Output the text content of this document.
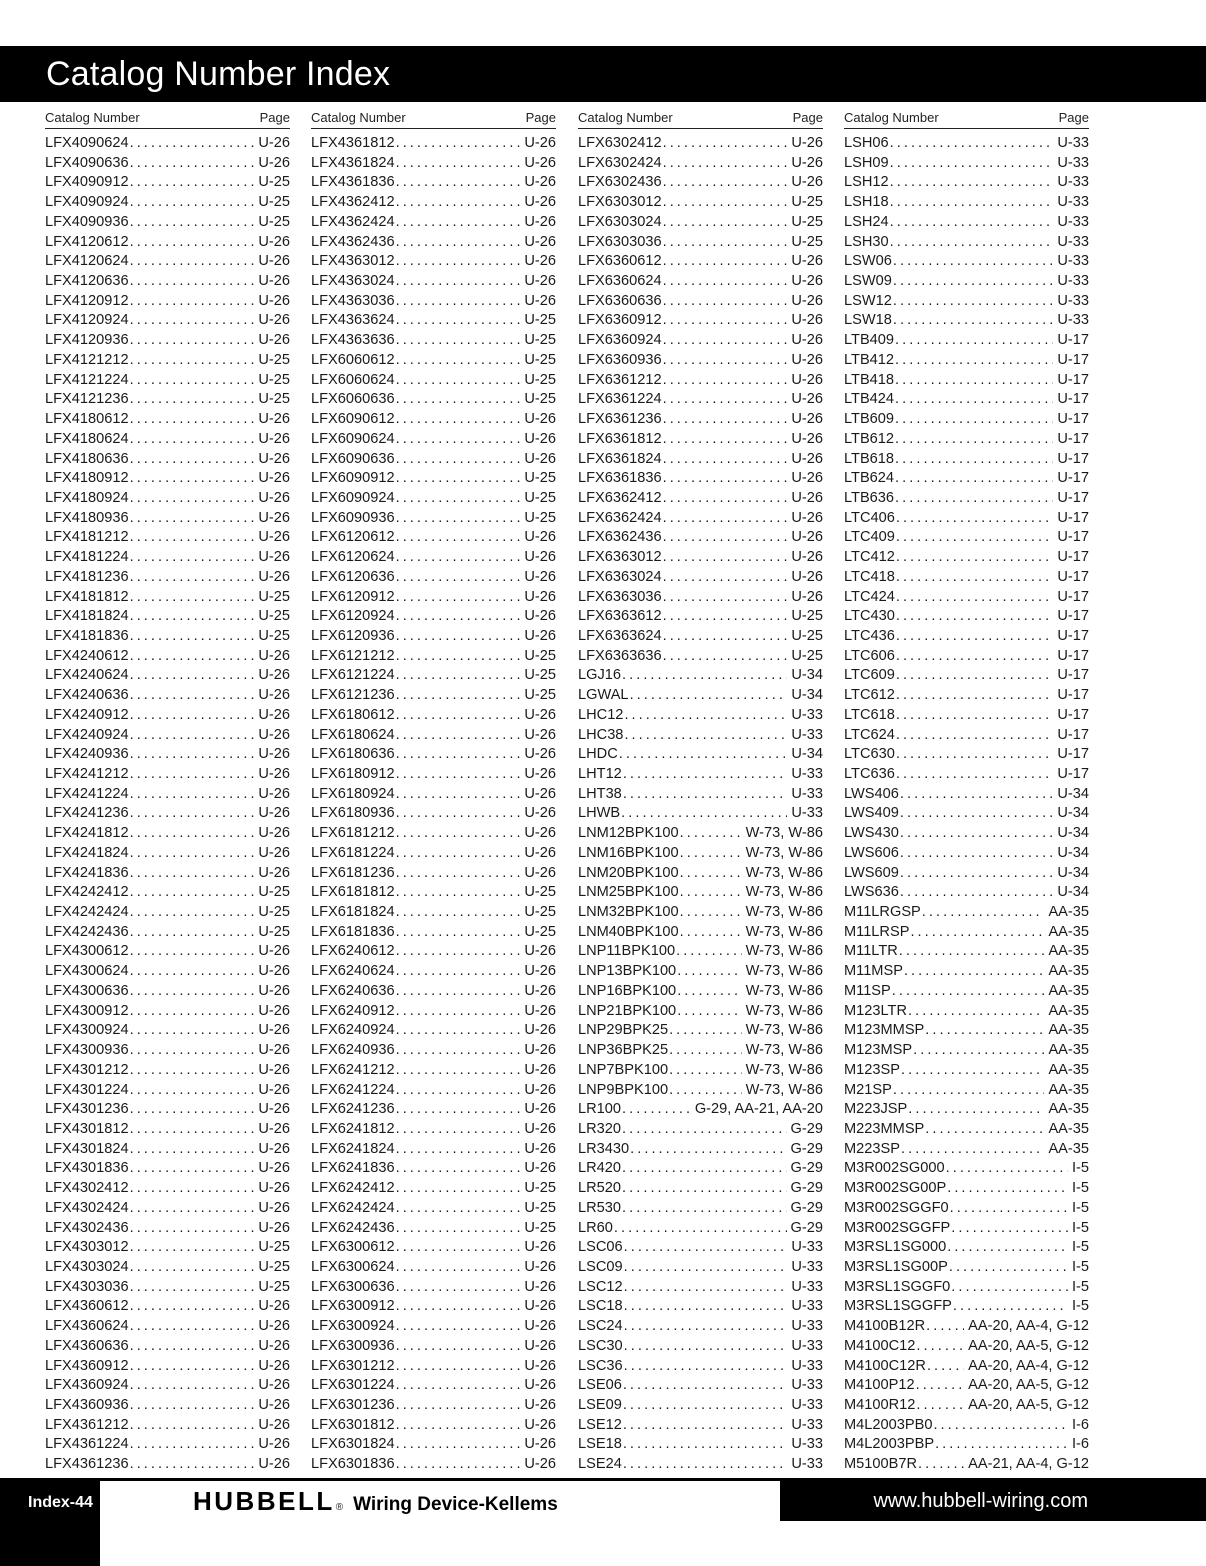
Catalog Number Index
Catalog Number	Page
LFX4090624 . . .	U-26
LFX4090636 . . .	U-26
LFX4090912 . . .	U-25
LFX4090924 . . .	U-25
LFX4090936 . . .	U-25
LFX4120612 . . .	U-26
LFX4120624 . . .	U-26
LFX4120636 . . .	U-26
LFX4120912 . . .	U-26
LFX4120924 . . .	U-26
LFX4120936 . . .	U-26
LFX4121212 . . .	U-25
LFX4121224 . . .	U-25
LFX4121236 . . .	U-25
LFX4180612 . . .	U-26
LFX4180624 . . .	U-26
LFX4180636 . . .	U-26
LFX4180912 . . .	U-26
LFX4180924 . . .	U-26
LFX4180936 . . .	U-26
LFX4181212 . . .	U-26
LFX4181224 . . .	U-26
LFX4181236 . . .	U-26
LFX4181812 . . .	U-25
LFX4181824 . . .	U-25
LFX4181836 . . .	U-25
LFX4240612 . . .	U-26
LFX4240624 . . .	U-26
LFX4240636 . . .	U-26
LFX4240912 . . .	U-26
LFX4240924 . . .	U-26
LFX4240936 . . .	U-26
LFX4241212 . . .	U-26
LFX4241224 . . .	U-26
LFX4241236 . . .	U-26
LFX4241812 . . .	U-26
LFX4241824 . . .	U-26
LFX4241836 . . .	U-26
LFX4242412 . . .	U-25
LFX4242424 . . .	U-25
LFX4242436 . . .	U-25
LFX4300612 . . .	U-26
LFX4300624 . . .	U-26
LFX4300636 . . .	U-26
LFX4300912 . . .	U-26
LFX4300924 . . .	U-26
LFX4300936 . . .	U-26
LFX4301212 . . .	U-26
LFX4301224 . . .	U-26
LFX4301236 . . .	U-26
LFX4301812 . . .	U-26
LFX4301824 . . .	U-26
LFX4301836 . . .	U-26
LFX4302412 . . .	U-26
LFX4302424 . . .	U-26
LFX4302436 . . .	U-26
LFX4303012 . . .	U-25
LFX4303024 . . .	U-25
LFX4303036 . . .	U-25
LFX4360612 . . .	U-26
LFX4360624 . . .	U-26
LFX4360636 . . .	U-26
LFX4360912 . . .	U-26
LFX4360924 . . .	U-26
LFX4360936 . . .	U-26
LFX4361212 . . .	U-26
LFX4361224 . . .	U-26
LFX4361236 . . .	U-26
Catalog Number	Page
LFX4361812 . . .	U-26
LFX4361824 . . .	U-26
LFX4361836 . . .	U-26
LFX4362412 . . .	U-26
LFX4362424 . . .	U-26
LFX4362436 . . .	U-26
LFX4363012 . . .	U-26
LFX4363024 . . .	U-26
LFX4363036 . . .	U-26
LFX4363624 . . .	U-25
LFX4363636 . . .	U-25
LFX6060612 . . .	U-25
LFX6060624 . . .	U-25
LFX6060636 . . .	U-25
LFX6090612 . . .	U-26
LFX6090624 . . .	U-26
LFX6090636 . . .	U-26
LFX6090912 . . .	U-25
LFX6090924 . . .	U-25
LFX6090936 . . .	U-25
LFX6120612 . . .	U-26
LFX6120624 . . .	U-26
LFX6120636 . . .	U-26
LFX6120912 . . .	U-26
LFX6120924 . . .	U-26
LFX6120936 . . .	U-26
LFX6121212 . . .	U-25
LFX6121224 . . .	U-25
LFX6121236 . . .	U-25
LFX6180612 . . .	U-26
LFX6180624 . . .	U-26
LFX6180636 . . .	U-26
LFX6180912 . . .	U-26
LFX6180924 . . .	U-26
LFX6180936 . . .	U-26
LFX6181212 . . .	U-26
LFX6181224 . . .	U-26
LFX6181236 . . .	U-26
LFX6181812 . . .	U-25
LFX6181824 . . .	U-25
LFX6181836 . . .	U-25
LFX6240612 . . .	U-26
LFX6240624 . . .	U-26
LFX6240636 . . .	U-26
LFX6240912 . . .	U-26
LFX6240924 . . .	U-26
LFX6240936 . . .	U-26
LFX6241212 . . .	U-26
LFX6241224 . . .	U-26
LFX6241236 . . .	U-26
LFX6241812 . . .	U-26
LFX6241824 . . .	U-26
LFX6241836 . . .	U-26
LFX6242412 . . .	U-25
LFX6242424 . . .	U-25
LFX6242436 . . .	U-25
LFX6300612 . . .	U-26
LFX6300624 . . .	U-26
LFX6300636 . . .	U-26
LFX6300912 . . .	U-26
LFX6300924 . . .	U-26
LFX6300936 . . .	U-26
LFX6301212 . . .	U-26
LFX6301224 . . .	U-26
LFX6301236 . . .	U-26
LFX6301812 . . .	U-26
LFX6301824 . . .	U-26
LFX6301836 . . .	U-26
Catalog Number	Page
LFX6302412 . . .	U-26
LFX6302424 . . .	U-26
LFX6302436 . . .	U-26
LFX6303012 . . .	U-25
LFX6303024 . . .	U-25
LFX6303036 . . .	U-25
LFX6360612 . . .	U-26
LFX6360624 . . .	U-26
LFX6360636 . . .	U-26
LFX6360912 . . .	U-26
LFX6360924 . . .	U-26
LFX6360936 . . .	U-26
LFX6361212 . . .	U-26
LFX6361224 . . .	U-26
LFX6361236 . . .	U-26
LFX6361812 . . .	U-26
LFX6361824 . . .	U-26
LFX6361836 . . .	U-26
LFX6362412 . . .	U-26
LFX6362424 . . .	U-26
LFX6362436 . . .	U-26
LFX6363012 . . .	U-26
LFX6363024 . . .	U-26
LFX6363036 . . .	U-26
LFX6363612 . . .	U-25
LFX6363624 . . .	U-25
LFX6363636 . . .	U-25
LGJ16 . . .	U-34
LGWAL . . .	U-34
LHC12 . . .	U-33
LHC38 . . .	U-33
LHDC . . .	U-34
LHT12 . . .	U-33
LHT38 . . .	U-33
LHWB . . .	U-33
LNM12BPK100 . . .	W-73, W-86
LNM16BPK100 . . .	W-73, W-86
LNM20BPK100 . . .	W-73, W-86
LNM25BPK100 . . .	W-73, W-86
LNM32BPK100 . . .	W-73, W-86
LNM40BPK100 . . .	W-73, W-86
LNP11BPK100 . . .	W-73, W-86
LNP13BPK100 . . .	W-73, W-86
LNP16BPK100 . . .	W-73, W-86
LNP21BPK100 . . .	W-73, W-86
LNP29BPK25 . . .	W-73, W-86
LNP36BPK25 . . .	W-73, W-86
LNP7BPK100 . . .	W-73, W-86
LNP9BPK100 . . .	W-73, W-86
LR100 . . .	G-29, AA-21, AA-20
LR320 . . .	G-29
LR3430 . . .	G-29
LR420 . . .	G-29
LR520 . . .	G-29
LR530 . . .	G-29
LR60 . . .	G-29
LSC06 . . .	U-33
LSC09 . . .	U-33
LSC12 . . .	U-33
LSC18 . . .	U-33
LSC24 . . .	U-33
LSC30 . . .	U-33
LSC36 . . .	U-33
LSE06 . . .	U-33
LSE09 . . .	U-33
LSE12 . . .	U-33
LSE18 . . .	U-33
LSE24 . . .	U-33
Catalog Number	Page
LSH06 . . .	U-33
LSH09 . . .	U-33
LSH12 . . .	U-33
LSH18 . . .	U-33
LSH24 . . .	U-33
LSH30 . . .	U-33
LSW06 . . .	U-33
LSW09 . . .	U-33
LSW12 . . .	U-33
LSW18 . . .	U-33
LTB409 . . .	U-17
LTB412 . . .	U-17
LTB418 . . .	U-17
LTB424 . . .	U-17
LTB609 . . .	U-17
LTB612 . . .	U-17
LTB618 . . .	U-17
LTB624 . . .	U-17
LTB636 . . .	U-17
LTC406 . . .	U-17
LTC409 . . .	U-17
LTC412 . . .	U-17
LTC418 . . .	U-17
LTC424 . . .	U-17
LTC430 . . .	U-17
LTC436 . . .	U-17
LTC606 . . .	U-17
LTC609 . . .	U-17
LTC612 . . .	U-17
LTC618 . . .	U-17
LTC624 . . .	U-17
LTC630 . . .	U-17
LTC636 . . .	U-17
LWS406 . . .	U-34
LWS409 . . .	U-34
LWS430 . . .	U-34
LWS606 . . .	U-34
LWS609 . . .	U-34
LWS636 . . .	U-34
M11LRGSP . . .	AA-35
M11LRSP . . .	AA-35
M11LTR . . .	AA-35
M11MSP . . .	AA-35
M11SP . . .	AA-35
M123LTR . . .	AA-35
M123MMSP . . .	AA-35
M123MSP . . .	AA-35
M123SP . . .	AA-35
M21SP . . .	AA-35
M223JSP . . .	AA-35
M223MMSP . . .	AA-35
M223SP . . .	AA-35
M3R002SG000 . . .	I-5
M3R002SG00P . . .	I-5
M3R002SGGF0 . . .	I-5
M3R002SGGFP . . .	I-5
M3RSL1SG000 . . .	I-5
M3RSL1SG00P . . .	I-5
M3RSL1SGGF0 . . .	I-5
M3RSL1SGGFP . . .	I-5
M4100B12R . . .	AA-20, AA-4, G-12
M4100C12 . . .	AA-20, AA-5, G-12
M4100C12R . . .	AA-20, AA-4, G-12
M4100P12 . . .	AA-20, AA-5, G-12
M4100R12 . . .	AA-20, AA-5, G-12
M4L2003PB0 . . .	I-6
M4L2003PBP . . .	I-6
M5100B7R . . .	AA-21, AA-4, G-12
Index-44	HUBBELL ® Wiring Device-Kellems	www.hubbell-wiring.com
